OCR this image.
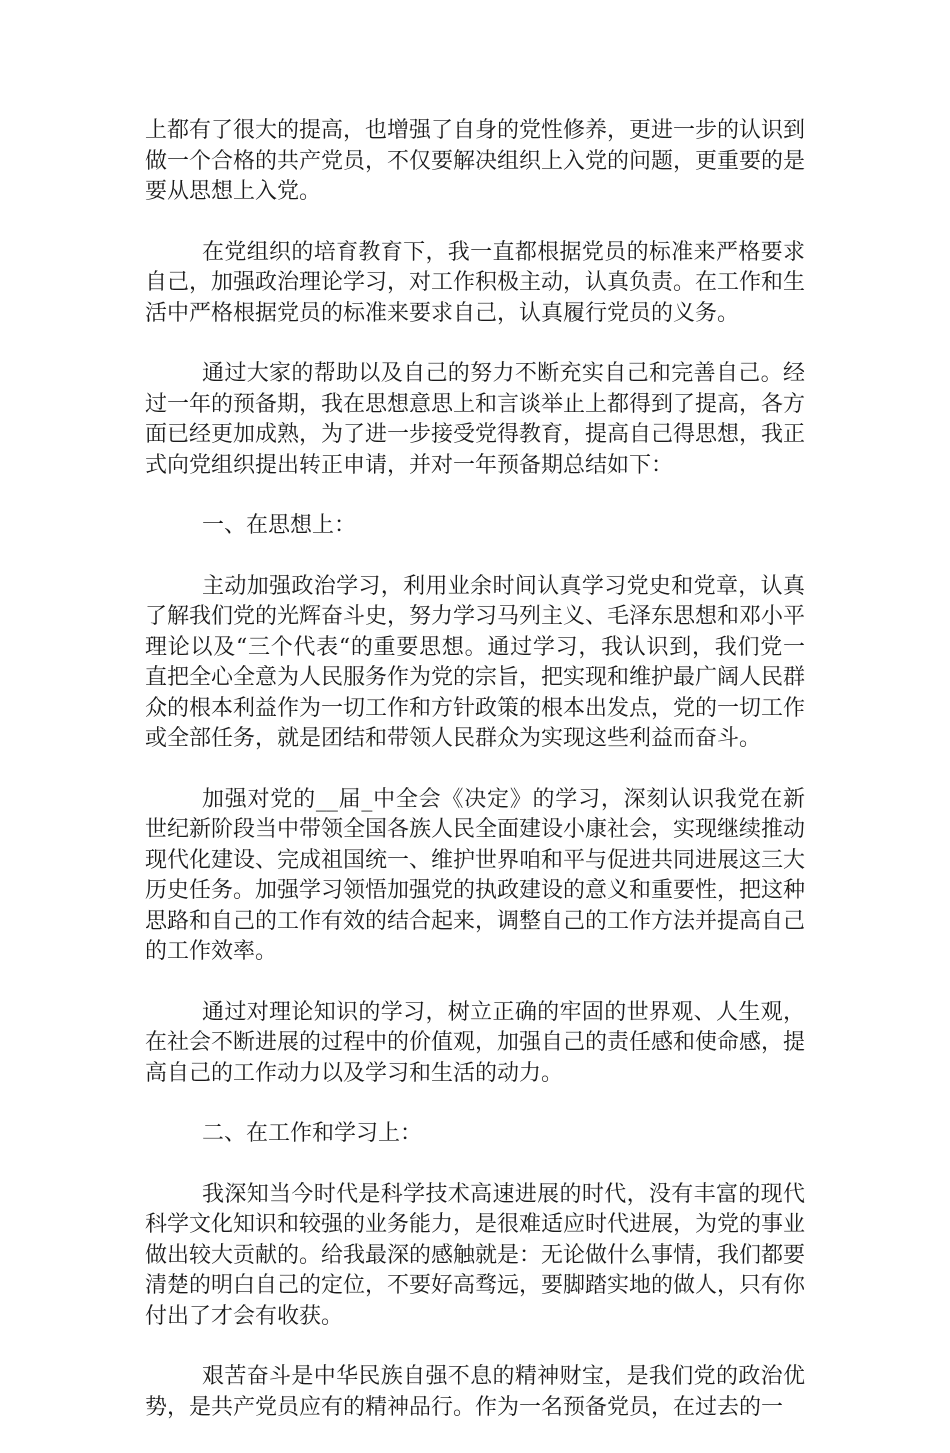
上都有了很大的提高，也增强了自身的党性修养，更进一步的认识到做一个合格的共产党员，不仅要解决组织上入党的问题，更重要的是要从思想上入党。

在党组织的培育教育下，我一直都根据党员的标准来严格要求自己，加强政治理论学习，对工作积极主动，认真负责。在工作和生活中严格根据党员的标准来要求自己，认真履行党员的义务。

通过大家的帮助以及自己的努力不断充实自己和完善自己。经过一年的预备期，我在思想意思上和言谈举止上都得到了提高，各方面已经更加成熟，为了进一步接受党得教育，提高自己得思想，我正式向党组织提出转正申请，并对一年预备期总结如下：

一、在思想上：

主动加强政治学习，利用业余时间认真学习党史和党章，认真了解我们党的光辉奋斗史，努力学习马列主义、毛泽东思想和邓小平理论以及“三个代表“的重要思想。通过学习，我认识到，我们党一直把全心全意为人民服务作为党的宗旨，把实现和维护最广阔人民群众的根本利益作为一切工作和方针政策的根本出发点，党的一切工作或全部任务，就是团结和带领人民群众为实现这些利益而奋斗。

加强对党的__届_中全会《决定》的学习，深刻认识我党在新世纪新阶段当中带领全国各族人民全面建设小康社会，实现继续推动现代化建设、完成祖国统一、维护世界咱和平与促进共同进展这三大历史任务。加强学习领悟加强党的执政建设的意义和重要性，把这种思路和自己的工作有效的结合起来，调整自己的工作方法并提高自己的工作效率。

通过对理论知识的学习，树立正确的牢固的世界观、人生观，在社会不断进展的过程中的价值观，加强自己的责任感和使命感，提高自己的工作动力以及学习和生活的动力。

二、在工作和学习上：

我深知当今时代是科学技术高速进展的时代，没有丰富的现代科学文化知识和较强的业务能力，是很难适应时代进展，为党的事业做出较大贡献的。给我最深的感触就是：无论做什么事情，我们都要清楚的明白自己的定位，不要好高骛远，要脚踏实地的做人，只有你付出了才会有收获。

艰苦奋斗是中华民族自强不息的精神财宝，是我们党的政治优势，是共产党员应有的精神品行。作为一名预备党员，在过去的一
